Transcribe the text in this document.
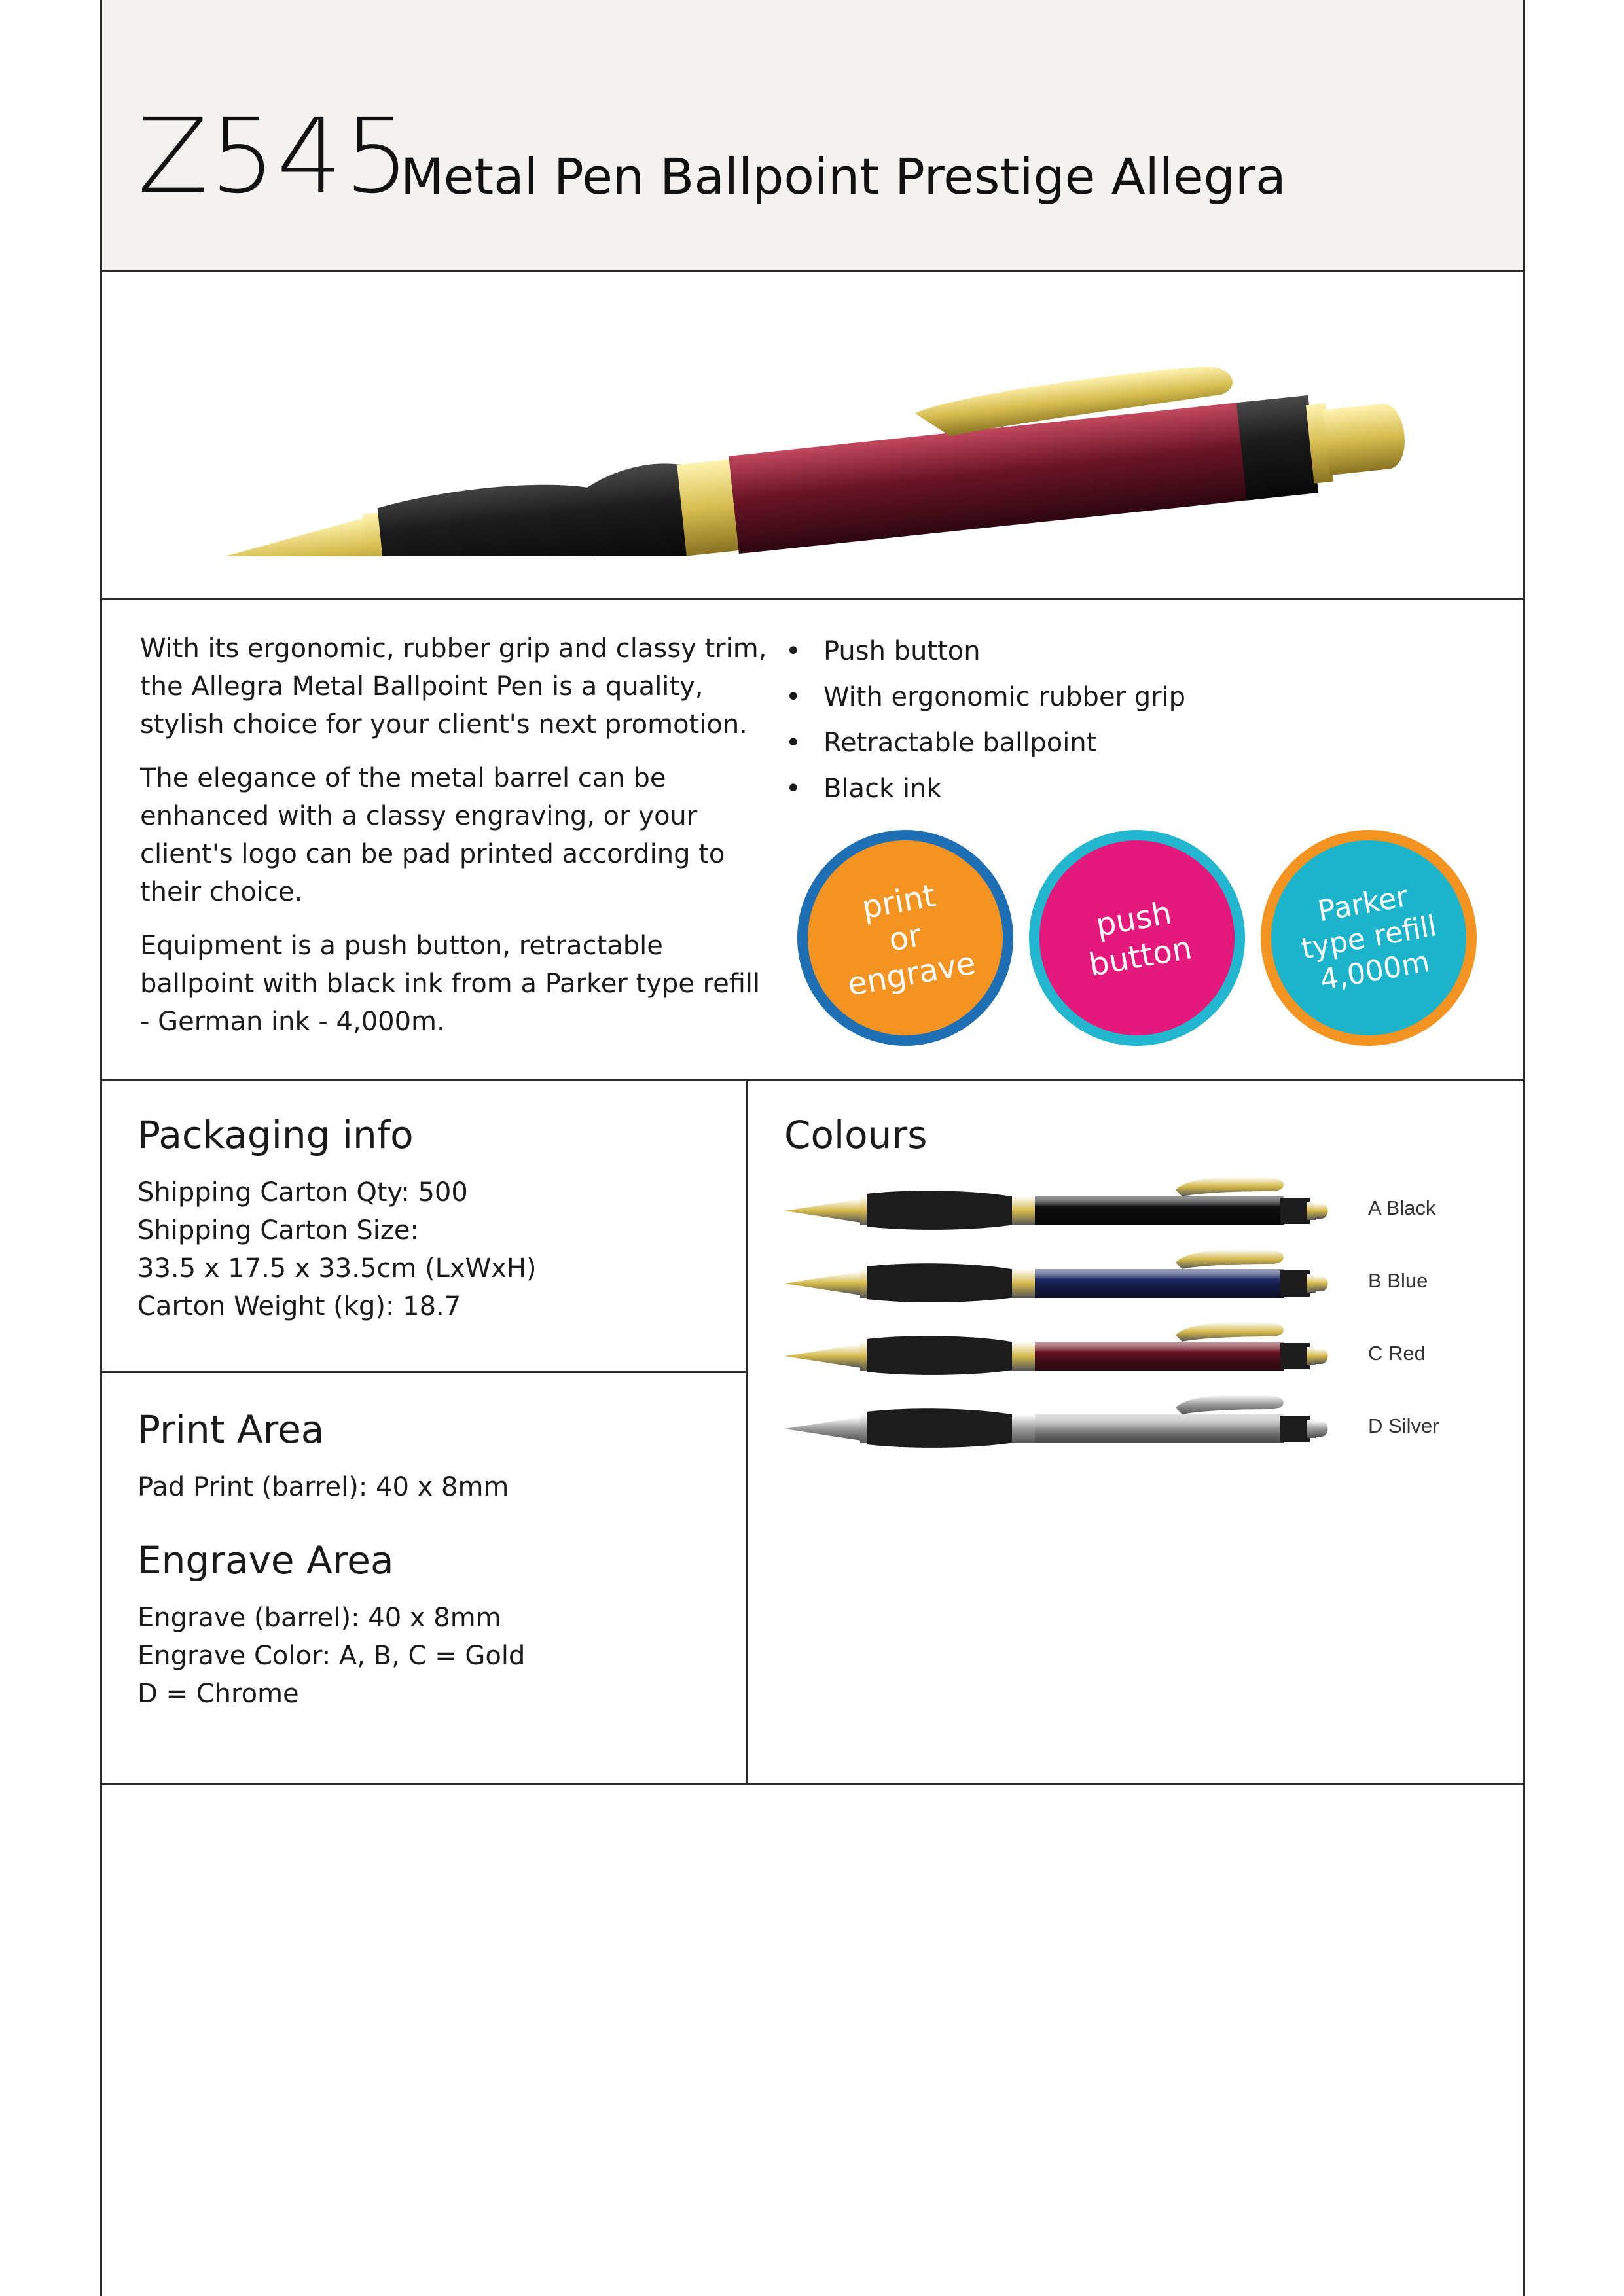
Z545
Metal Pen Ballpoint Prestige Allegra

With its ergonomic, rubber grip and classy trim, the Allegra Metal Ballpoint Pen is a quality, stylish choice for your client's next promotion.

The elegance of the metal barrel can be enhanced with a classy engraving, or your client's logo can be pad printed according to their choice.

Equipment is a push button, retractable ballpoint with black ink from a Parker type refill - German ink - 4,000m.

• Push button
• With ergonomic rubber grip
• Retractable ballpoint
• Black ink
print
or
engrave
push
button
Parker
type refill
4,000m
Packaging info
Shipping Carton Qty: 500
Shipping Carton Size:
33.5 x 17.5 x 33.5cm (LxWxH)
Carton Weight (kg): 18.7
Print Area
Pad Print (barrel): 40 x 8mm
Engrave Area
Engrave (barrel): 40 x 8mm
Engrave Color: A, B, C = Gold
D = Chrome
Colours
A Black
B Blue
C Red
D Silver
